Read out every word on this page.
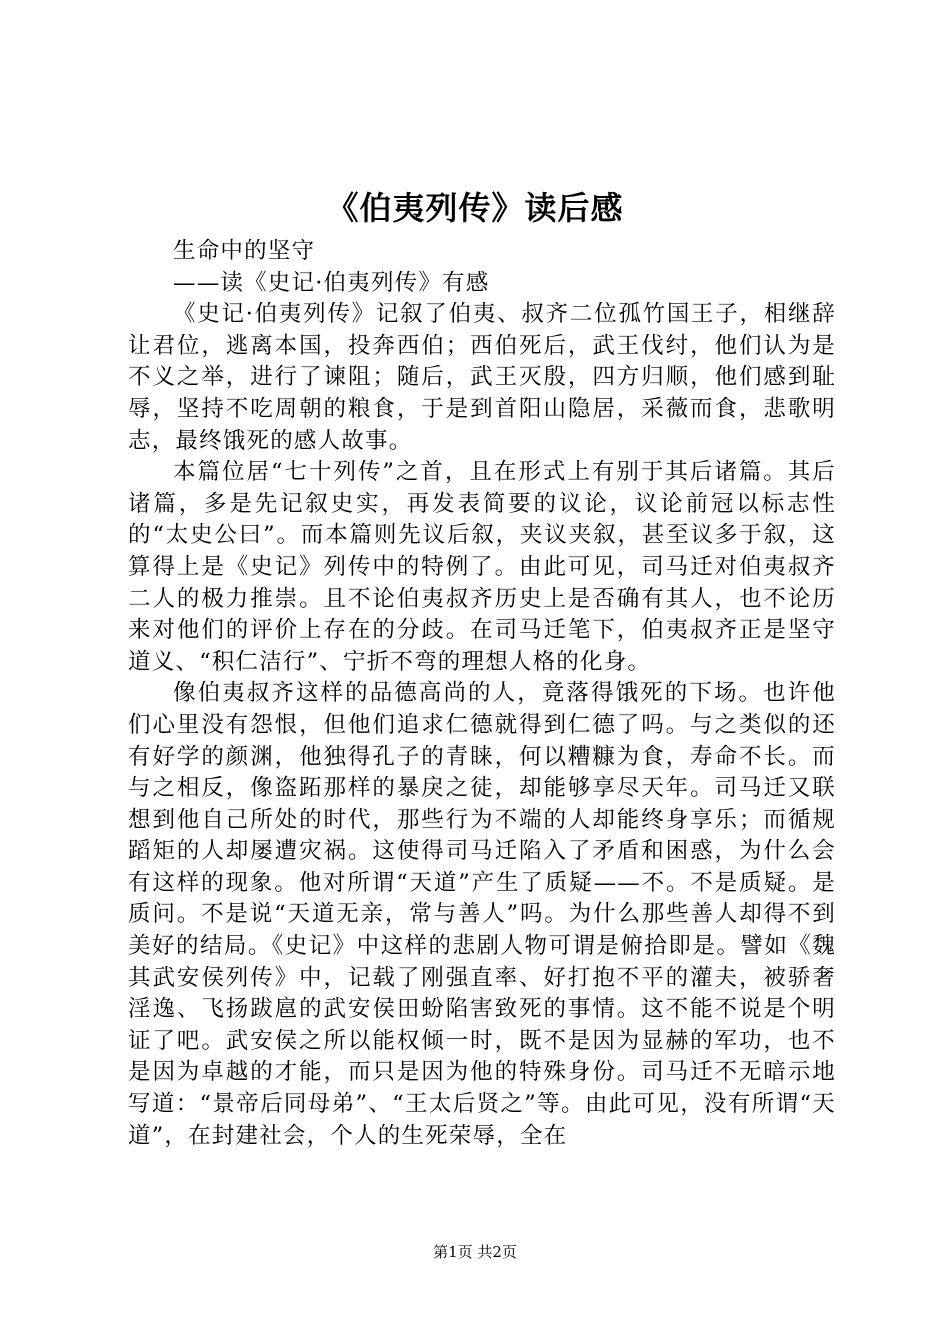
《伯夷列传》读后感

生命中的坚守

——读《史记·伯夷列传》有感

《史记·伯夷列传》记叙了伯夷、叔齐二位孤竹国王子，相继辞让君位，逃离本国，投奔西伯；西伯死后，武王伐纣，他们认为是不义之举，进行了谏阻；随后，武王灭殷，四方归顺，他们感到耻辱，坚持不吃周朝的粮食，于是到首阳山隐居，采薇而食，悲歌明志，最终饿死的感人故事。

本篇位居“七十列传”之首，且在形式上有别于其后诸篇。其后诸篇，多是先记叙史实，再发表简要的议论，议论前冠以标志性的“太史公曰”。而本篇则先议后叙，夹议夹叙，甚至议多于叙，这算得上是《史记》列传中的特例了。由此可见，司马迁对伯夷叔齐二人的极力推崇。且不论伯夷叔齐历史上是否确有其人，也不论历来对他们的评价上存在的分歧。在司马迁笔下，伯夷叔齐正是坚守道义、“积仁洁行”、宁折不弯的理想人格的化身。

像伯夷叔齐这样的品德高尚的人，竟落得饿死的下场。也许他们心里没有怨恨，但他们追求仁德就得到仁德了吗。与之类似的还有好学的颜渊，他独得孔子的青睐，何以糟糠为食，寿命不长。而与之相反，像盗跖那样的暴戾之徒，却能够享尽天年。司马迁又联想到他自己所处的时代，那些行为不端的人却能终身享乐；而循规蹈矩的人却屡遭灾祸。这使得司马迁陷入了矛盾和困惑，为什么会有这样的现象。他对所谓“天道”产生了质疑——不。不是质疑。是质问。不是说“天道无亲，常与善人”吗。为什么那些善人却得不到美好的结局。《史记》中这样的悲剧人物可谓是俯拾即是。譬如《魏其武安侯列传》中，记载了刚强直率、好打抱不平的灌夫，被骄奢淫逸、飞扬跋扈的武安侯田蚡陷害致死的事情。这不能不说是个明证了吧。武安侯之所以能权倾一时，既不是因为显赫的军功，也不是因为卓越的才能，而只是因为他的特殊身份。司马迁不无暗示地写道：“景帝后同母弟”、“王太后贤之”等。由此可见，没有所谓“天道”，在封建社会，个人的生死荣辱，全在

第1页 共2页
